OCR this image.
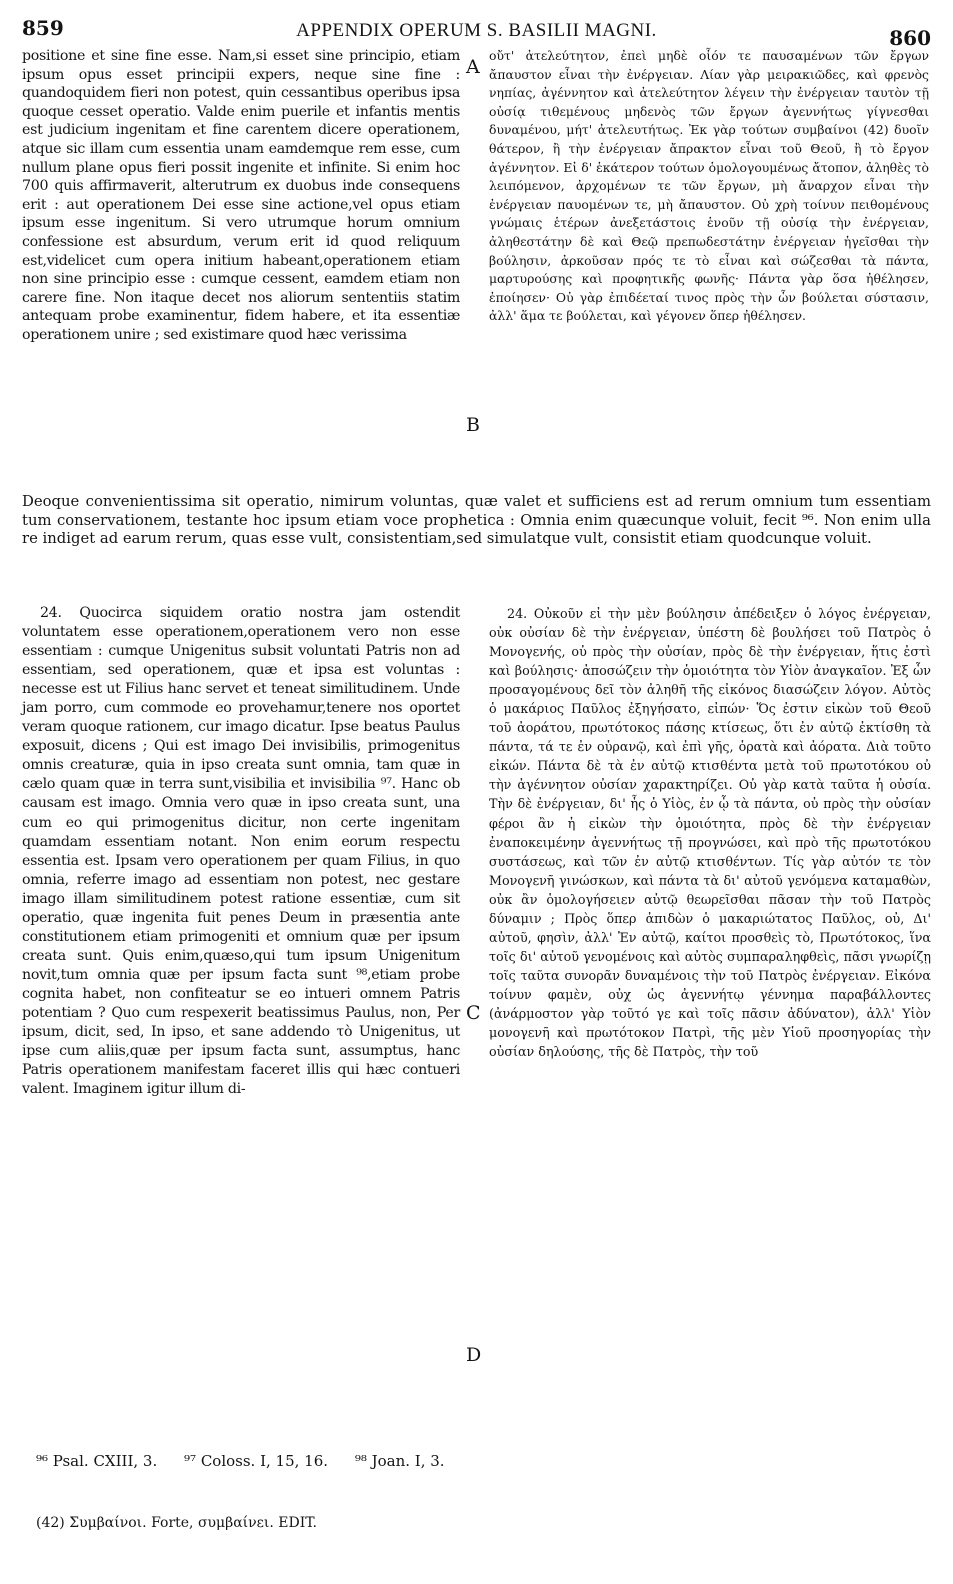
859	APPENDIX OPERUM S. BASILII MAGNI.	860

positione et sine fine esse. Nam,si esset sine principio, etiam ipsum opus esset principii expers, neque sine fine : quandoquidem fieri non potest, quin cessantibus operibus ipsa quoque cesset operatio. Valde enim puerile et infantis mentis est judicium ingenitam et fine carentem dicere operationem, atque sic illam cum essentia unam eamdemque rem esse, cum nullum plane opus fieri possit ingenite et infinite. Si enim hoc 700 quis affirmaverit, alterutrum ex duobus inde consequens erit : aut operationem Dei esse sine actione,vel opus etiam ipsum esse ingenitum. Si vero utrumque horum omnium confessione est absurdum, verum erit id quod reliquum est,videlicet cum opera initium habeant,operationem etiam non sine principio esse : cumque cessent, eamdem etiam non carere fine. Non itaque decet nos aliorum sententiis statim antequam probe examinentur, fidem habere, et ita essentiæ operationem unire ; sed existimare quod hæc verissima

οὔτ' ἀτελεύτητον, ἐπεὶ μηδὲ οἷόν τε παυσαμένων τῶν ἔργων ἄπαυστον εἶναι τὴν ἐνέργειαν. Λίαν γὰρ μειρακιῶδες, καὶ φρενὸς νηπίας, ἀγέννητον καὶ ἀτελεύτητον λέγειν τὴν ἐνέργειαν ταυτὸν τῇ οὐσίᾳ τιθεμένους μηδενὸς τῶν ἔργων ἀγεννήτως γίγνεσθαι δυναμένου, μήτ' ἀτελευτήτως. Ἐκ γὰρ τούτων συμβαίνοι (42) δυοῖν θάτερον, ἢ τὴν ἐνέργειαν ἄπρακτον εἶναι τοῦ Θεοῦ, ἢ τὸ ἔργον ἀγέννητον. Εἰ δ' ἑκάτερον τούτων ὁμολογουμένως ἄτοπον, ἀληθὲς τὸ λειπόμενον, ἀρχομένων τε τῶν ἔργων, μὴ ἄναρχον εἶναι τὴν ἐνέργειαν παυομένων τε, μὴ ἄπαυστον. Οὐ χρὴ τοίνυν πειθομένους γνώμαις ἑτέρων ἀνεξετάστοις ἑνοῦν τῇ οὐσίᾳ τὴν ἐνέργειαν, ἀληθεστάτην δὲ καὶ Θεῷ πρεπωδεστάτην ἐνέργειαν ἡγεῖσθαι τὴν βούλησιν, ἀρκοῦσαν πρός τε τὸ εἶναι καὶ σώζεσθαι τὰ πάντα, μαρτυρούσης καὶ προφητικῆς φωνῆς· Πάντα γὰρ ὅσα ἠθέλησεν, ἐποίησεν· Οὐ γὰρ ἐπιδέεταί τινος πρὸς τὴν ὧν βούλεται σύστασιν, ἀλλ' ἅμα τε βούλεται, καὶ γέγονεν ὅπερ ἠθέλησεν.

Deoque convenientissima sit operatio, nimirum voluntas, quæ valet et sufficiens est ad rerum omnium tum essentiam tum conservationem, testante hoc ipsum etiam voce prophetica : Omnia enim quæcunque voluit, fecit ⁹⁶. Non enim ulla re indiget ad earum rerum, quas esse vult, consistentiam,sed simulatque vult, consistit etiam quodcunque voluit.

24. Quocirca siquidem oratio nostra jam ostendit voluntatem esse operationem,operationem vero non esse essentiam : cumque Unigenitus subsit voluntati Patris non ad essentiam, sed operationem, quæ et ipsa est voluntas : necesse est ut Filius hanc servet et teneat similitudinem. Unde jam porro, cum commode eo provehamur,tenere nos oportet veram quoque rationem, cur imago dicatur. Ipse beatus Paulus exposuit, dicens ; Qui est imago Dei invisibilis, primogenitus omnis creaturæ, quia in ipso creata sunt omnia, tam quæ in cælo quam quæ in terra sunt,visibilia et invisibilia ⁹⁷. Hanc ob causam est imago. Omnia vero quæ in ipso creata sunt, una cum eo qui primogenitus dicitur, non certe ingenitam quamdam essentiam notant. Non enim eorum respectu essentia est. Ipsam vero operationem per quam Filius, in quo omnia, referre imago ad essentiam non potest, nec gestare imago illam similitudinem potest ratione essentiæ, cum sit operatio, quæ ingenita fuit penes Deum in præsentia ante constitutionem etiam primogeniti et omnium quæ per ipsum creata sunt. Quis enim,quæso,qui tum ipsum Unigenitum novit,tum omnia quæ per ipsum facta sunt ⁹⁸,etiam probe cognita habet, non confiteatur se eo intueri omnem Patris potentiam ? Quo cum respexerit beatissimus Paulus, non, Per ipsum, dicit, sed, In ipso, et sane addendo τὸ Unigenitus, ut ipse cum aliis,quæ per ipsum facta sunt, assumptus, hanc Patris operationem manifestam faceret illis qui hæc contueri valent. Imaginem igitur illum di-

24. Οὐκοῦν εἰ τὴν μὲν βούλησιν ἀπέδειξεν ὁ λόγος ἐνέργειαν, οὐκ οὐσίαν δὲ τὴν ἐνέργειαν, ὑπέστη δὲ βουλήσει τοῦ Πατρὸς ὁ Μονογενής, οὐ πρὸς τὴν οὐσίαν, πρὸς δὲ τὴν ἐνέργειαν, ἥτις ἐστὶ καὶ βούλησις· ἀποσώζειν τὴν ὁμοιότητα τὸν Υἱὸν ἀναγκαῖον. Ἐξ ὧν προσαγομένους δεῖ τὸν ἀληθῆ τῆς εἰκόνος διασώζειν λόγον. Αὐτὸς ὁ μακάριος Παῦλος ἐξηγήσατο, εἰπών· Ὅς ἐστιν εἰκὼν τοῦ Θεοῦ τοῦ ἀοράτου, πρωτότοκος πάσης κτίσεως, ὅτι ἐν αὐτῷ ἐκτίσθη τὰ πάντα, τά τε ἐν οὐρανῷ, καὶ ἐπὶ γῆς, ὁρατὰ καὶ ἀόρατα. Διὰ τοῦτο εἰκών. Πάντα δὲ τὰ ἐν αὐτῷ κτισθέντα μετὰ τοῦ πρωτοτόκου οὐ τὴν ἀγέννητον οὐσίαν χαρακτηρίζει. Οὐ γὰρ κατὰ ταῦτα ἡ οὐσία. Τὴν δὲ ἐνέργειαν, δι' ἧς ὁ Υἱὸς, ἐν ᾧ τὰ πάντα, οὐ πρὸς τὴν οὐσίαν φέροι ἂν ἡ εἰκὼν τὴν ὁμοιότητα, πρὸς δὲ τὴν ἐνέργειαν ἐναποκειμένην ἀγεννήτως τῇ προγνώσει, καὶ πρὸ τῆς πρωτοτόκου συστάσεως, καὶ τῶν ἐν αὐτῷ κτισθέντων. Τίς γὰρ αὐτόν τε τὸν Μονογενῆ γινώσκων, καὶ πάντα τὰ δι' αὐτοῦ γενόμενα καταμαθὼν, οὐκ ἂν ὁμολογήσειεν αὐτῷ θεωρεῖσθαι πᾶσαν τὴν τοῦ Πατρὸς δύναμιν ; Πρὸς ὅπερ ἀπιδὼν ὁ μακαριώτατος Παῦλος, οὐ, Δι' αὐτοῦ, φησὶν, ἀλλ' Ἐν αὐτῷ, καίτοι προσθεὶς τὸ, Πρωτότοκος, ἵνα τοῖς δι' αὐτοῦ γενομένοις καὶ αὐτὸς συμπαραληφθεὶς, πᾶσι γνωρίζῃ τοῖς ταῦτα συνορᾶν δυναμένοις τὴν τοῦ Πατρὸς ἐνέργειαν. Εἰκόνα τοίνυν φαμὲν, οὐχ ὡς ἀγεννήτῳ γέννημα παραβάλλοντες (ἀνάρμοστον γὰρ τοῦτό γε καὶ τοῖς πᾶσιν ἀδύνατον), ἀλλ' Υἱὸν μονογενῆ καὶ πρωτότοκον Πατρὶ, τῆς μὲν Υἱοῦ προσηγορίας τὴν οὐσίαν δηλούσης, τῆς δὲ Πατρὸς, τὴν τοῦ

A
B
C
D
⁹⁶ Psal. CXIII, 3. ⁹⁷ Coloss. I, 15, 16. ⁹⁸ Joan. I, 3.
(42) Συμβαίνοι. Forte, συμβαίνει. EDIT.
